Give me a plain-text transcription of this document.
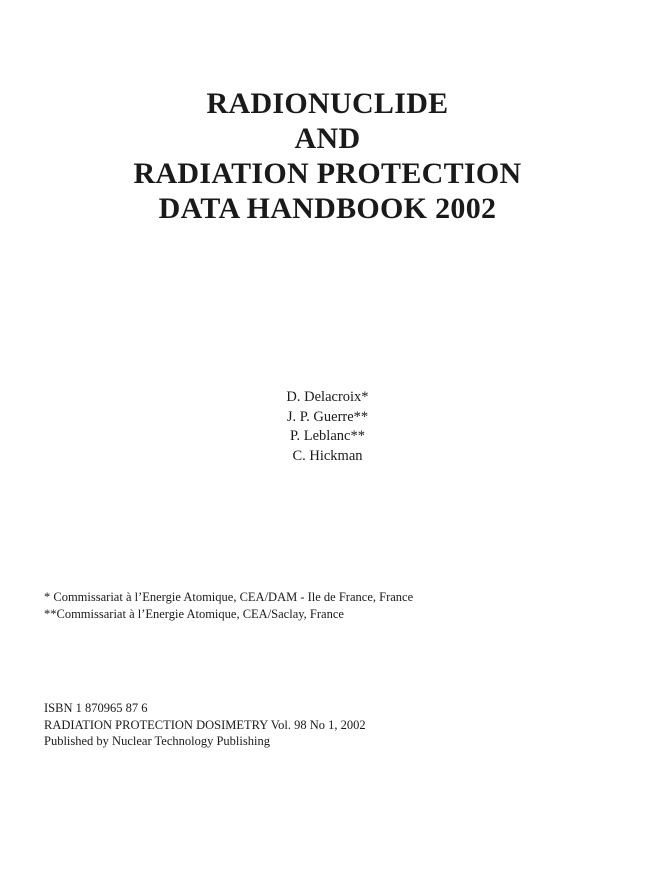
RADIONUCLIDE
AND
RADIATION PROTECTION
DATA HANDBOOK 2002
D. Delacroix*
J. P. Guerre**
P. Leblanc**
C. Hickman
* Commissariat à l’Energie Atomique, CEA/DAM - Ile de France, France
**Commissariat à l’Energie Atomique, CEA/Saclay, France
ISBN 1 870965 87 6
RADIATION PROTECTION DOSIMETRY Vol. 98 No 1, 2002
Published by Nuclear Technology Publishing
